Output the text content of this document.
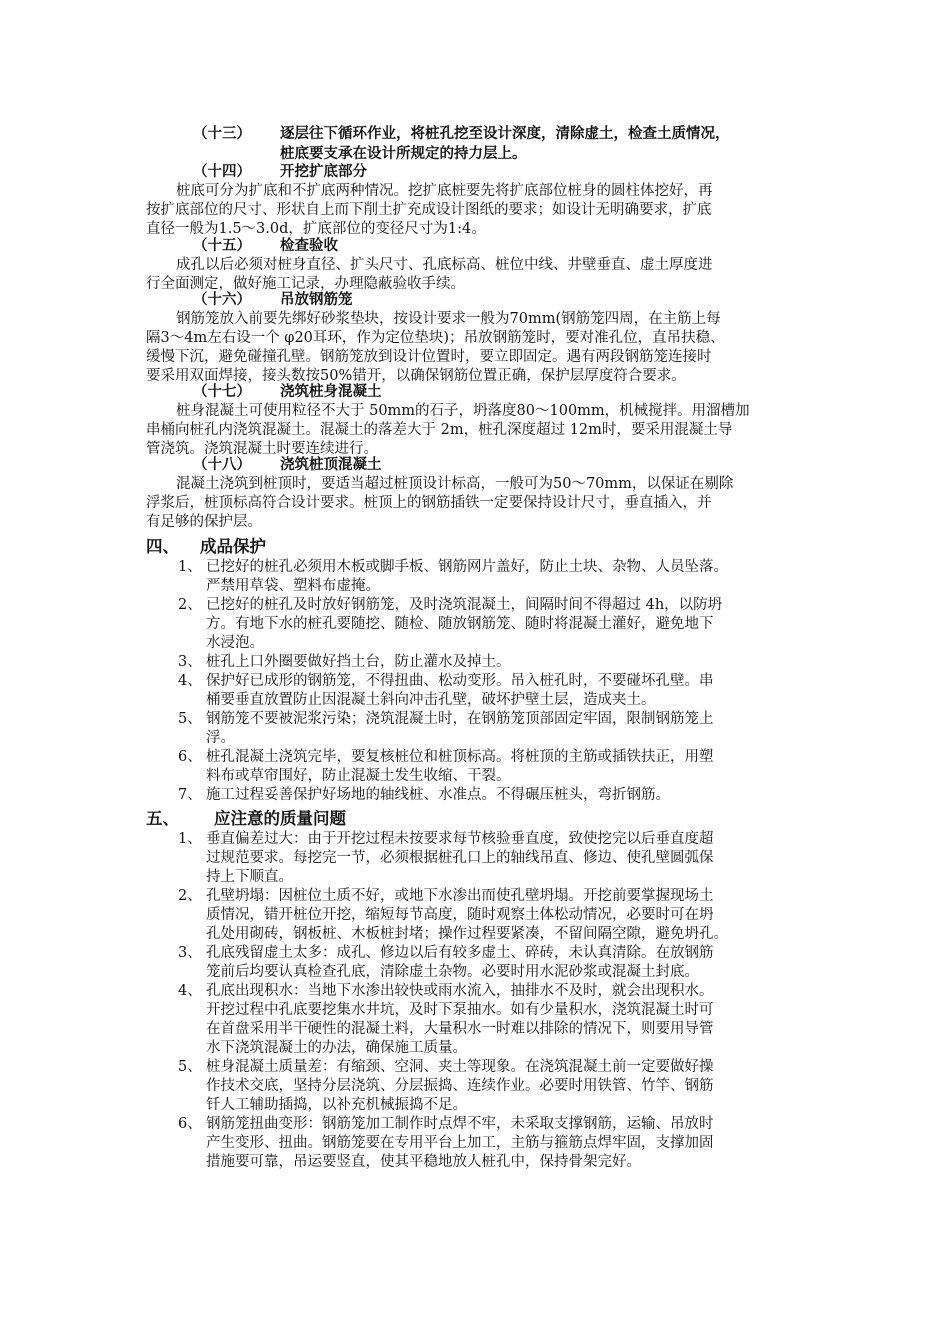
（十三） 逐层往下循环作业，将桩孔挖至设计深度，清除虚土，检查土质情况，
桩底要支承在设计所规定的持力层上。
（十四） 开挖扩底部分
桩底可分为扩底和不扩底两种情况。挖扩底桩要先将扩底部位桩身的圆柱体挖好，再
按扩底部位的尺寸、形状自上而下削土扩充成设计图纸的要求；如设计无明确要求，扩底
直径一般为1.5～3.0d，扩底部位的变径尺寸为1:4。
（十五） 检查验收
成孔以后必须对桩身直径、扩头尺寸、孔底标高、桩位中线、井壁垂直、虚土厚度进
行全面测定，做好施工记录，办理隐蔽验收手续。
（十六） 吊放钢筋笼
钢筋笼放入前要先绑好砂浆垫块，按设计要求一般为70mm(钢筋笼四周，在主筋上每
隔3～4m左右设一个 φ20耳环，作为定位垫块)；吊放钢筋笼时，要对准孔位，直吊扶稳、
缓慢下沉，避免碰撞孔壁。钢筋笼放到设计位置时，要立即固定。遇有两段钢筋笼连接时
要采用双面焊接，接头数按50%错开，以确保钢筋位置正确，保护层厚度符合要求。
（十七） 浇筑桩身混凝土
桩身混凝土可使用粒径不大于 50mm的石子，坍落度80～100mm，机械搅拌。用溜槽加
串桶向桩孔内浇筑混凝土。混凝土的落差大于 2m，桩孔深度超过 12m时，要采用混凝土导
管浇筑。浇筑混凝土时要连续进行。
（十八） 浇筑桩顶混凝土
混凝土浇筑到桩顶时，要适当超过桩顶设计标高，一般可为50～70mm，以保证在剔除
浮浆后，桩顶标高符合设计要求。桩顶上的钢筋插铁一定要保持设计尺寸，垂直插入，并
有足够的保护层。
四、 成品保护
1、 已挖好的桩孔必须用木板或脚手板、钢筋网片盖好，防止土块、杂物、人员坠落。
严禁用草袋、塑料布虚掩。
2、 已挖好的桩孔及时放好钢筋笼，及时浇筑混凝土，间隔时间不得超过 4h，以防坍
方。有地下水的桩孔要随挖、随检、随放钢筋笼、随时将混凝土灌好，避免地下
水浸泡。
3、 桩孔上口外圈要做好挡土台，防止灌水及掉土。
4、 保护好已成形的钢筋笼，不得扭曲、松动变形。吊入桩孔时，不要碰坏孔壁。串
桶要垂直放置防止因混凝土斜向冲击孔壁，破坏护壁土层，造成夹土。
5、 钢筋笼不要被泥浆污染；浇筑混凝土时，在钢筋笼顶部固定牢固，限制钢筋笼上
浮。
6、 桩孔混凝土浇筑完毕，要复核桩位和桩顶标高。将桩顶的主筋或插铁扶正，用塑
料布或草帘围好，防止混凝土发生收缩、干裂。
7、 施工过程妥善保护好场地的轴线桩、水准点。不得碾压桩头，弯折钢筋。
五、 应注意的质量问题
1、 垂直偏差过大：由于开挖过程未按要求每节核验垂直度，致使挖完以后垂直度超
过规范要求。每挖完一节，必须根据桩孔口上的轴线吊直、修边、使孔壁圆弧保
持上下顺直。
2、 孔壁坍塌：因桩位土质不好，或地下水渗出而使孔壁坍塌。开挖前要掌握现场土
质情况，错开桩位开挖，缩短每节高度，随时观察土体松动情况，必要时可在坍
孔处用砌砖，钢板桩、木板桩封堵；操作过程要紧凑，不留间隔空隙，避免坍孔。
3、 孔底残留虚土太多：成孔、修边以后有较多虚土、碎砖，未认真清除。在放钢筋
笼前后均要认真检查孔底，清除虚土杂物。必要时用水泥砂浆或混凝土封底。
4、 孔底出现积水：当地下水渗出较快或雨水流入，抽排水不及时，就会出现积水。
开挖过程中孔底要挖集水井坑，及时下泵抽水。如有少量积水，浇筑混凝土时可
在首盘采用半干硬性的混凝土料，大量积水一时难以排除的情况下，则要用导管
水下浇筑混凝土的办法，确保施工质量。
5、 桩身混凝土质量差：有缩颈、空洞、夹土等现象。在浇筑混凝土前一定要做好操
作技术交底，坚持分层浇筑、分层振捣、连续作业。必要时用铁管、竹竿、钢筋
钎人工辅助插捣，以补充机械振捣不足。
6、 钢筋笼扭曲变形：钢筋笼加工制作时点焊不牢，未采取支撑钢筋，运输、吊放时
产生变形、扭曲。钢筋笼要在专用平台上加工，主筋与箍筋点焊牢固，支撑加固
措施要可靠，吊运要竖直，使其平稳地放人桩孔中，保持骨架完好。
